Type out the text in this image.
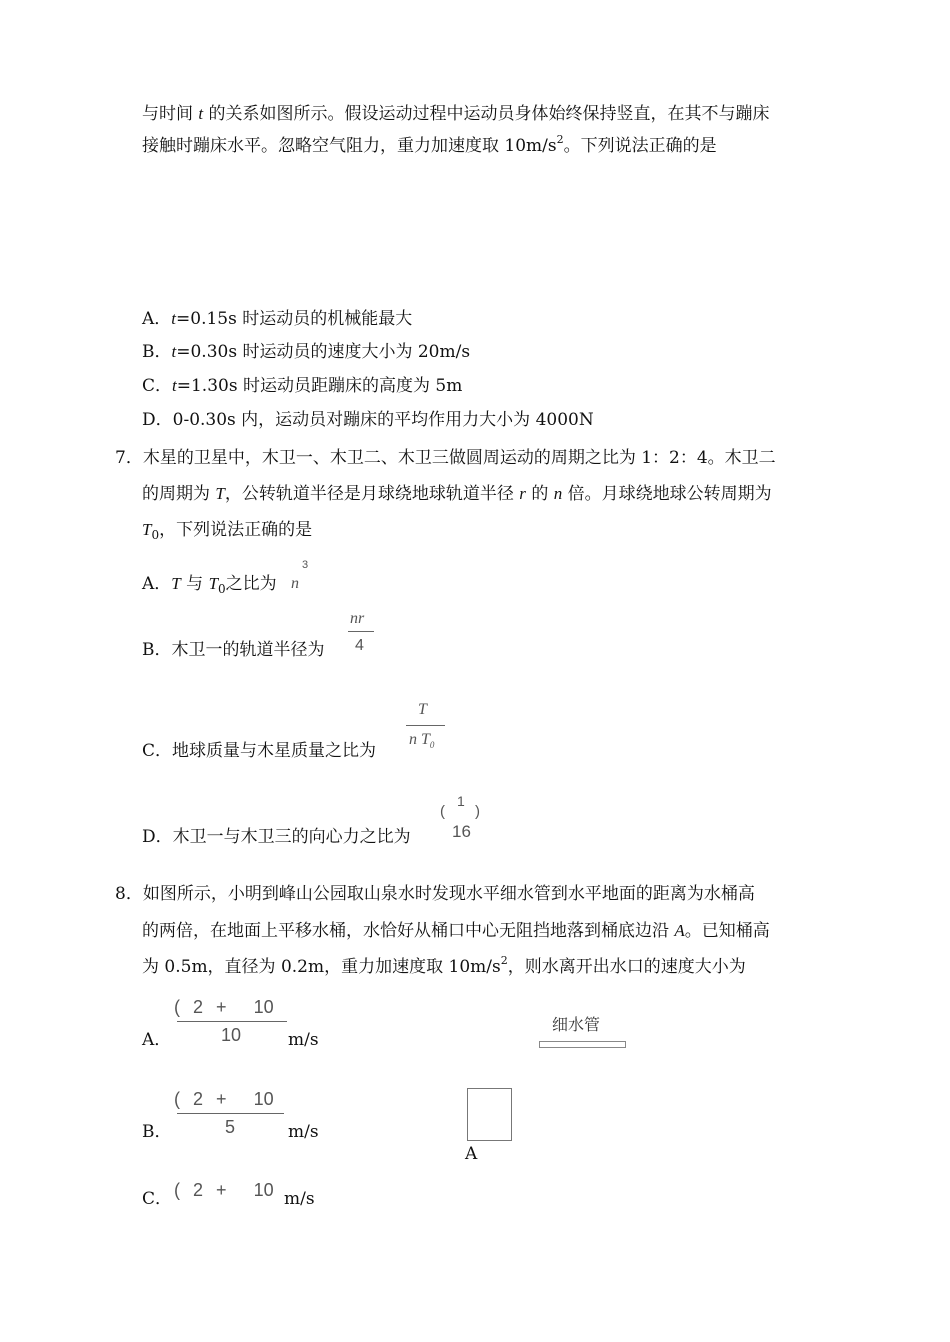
与时间 t 的关系如图所示。假设运动过程中运动员身体始终保持竖直，在其不与蹦床
接触时蹦床水平。忽略空气阻力，重力加速度取 $10m/s^2$。下列说法正确的是
A．t=0.15s 时运动员的机械能最大
B．t=0.30s 时运动员的速度大小为 20m/s
C．t=1.30s 时运动员距蹦床的高度为 5m
D．0-0.30s 内，运动员对蹦床的平均作用力大小为 4000N
7．木星的卫星中，木卫一、木卫二、木卫三做圆周运动的周期之比为 1：2：4。木卫二
的周期为 T，公转轨道半径是月球绕地球轨道半径 r 的 n 倍。月球绕地球公转周期为
$T_0$，下列说法正确的是
A．T 与 $T_0$之比为 n
3
B．木卫一的轨道半径为
nr
4
C．地球质量与木星质量之比为
T
n $T_0$
D．木卫一与木卫三的向心力之比为
(
1
16
)
8．如图所示，小明到峰山公园取山泉水时发现水平细水管到水平地面的距离为水桶高
的两倍，在地面上平移水桶，水恰好从桶口中心无阻挡地落到桶底边沿 A。已知桶高
为 0.5m，直径为 0.2m，重力加速度取 $10m/s^2$，则水离开出水口的速度大小为
A．
( 2 + 10
10	m/s
B．
( 2 + 10
5	m/s
C． ( 2 + 10 m/s
细水管
A
